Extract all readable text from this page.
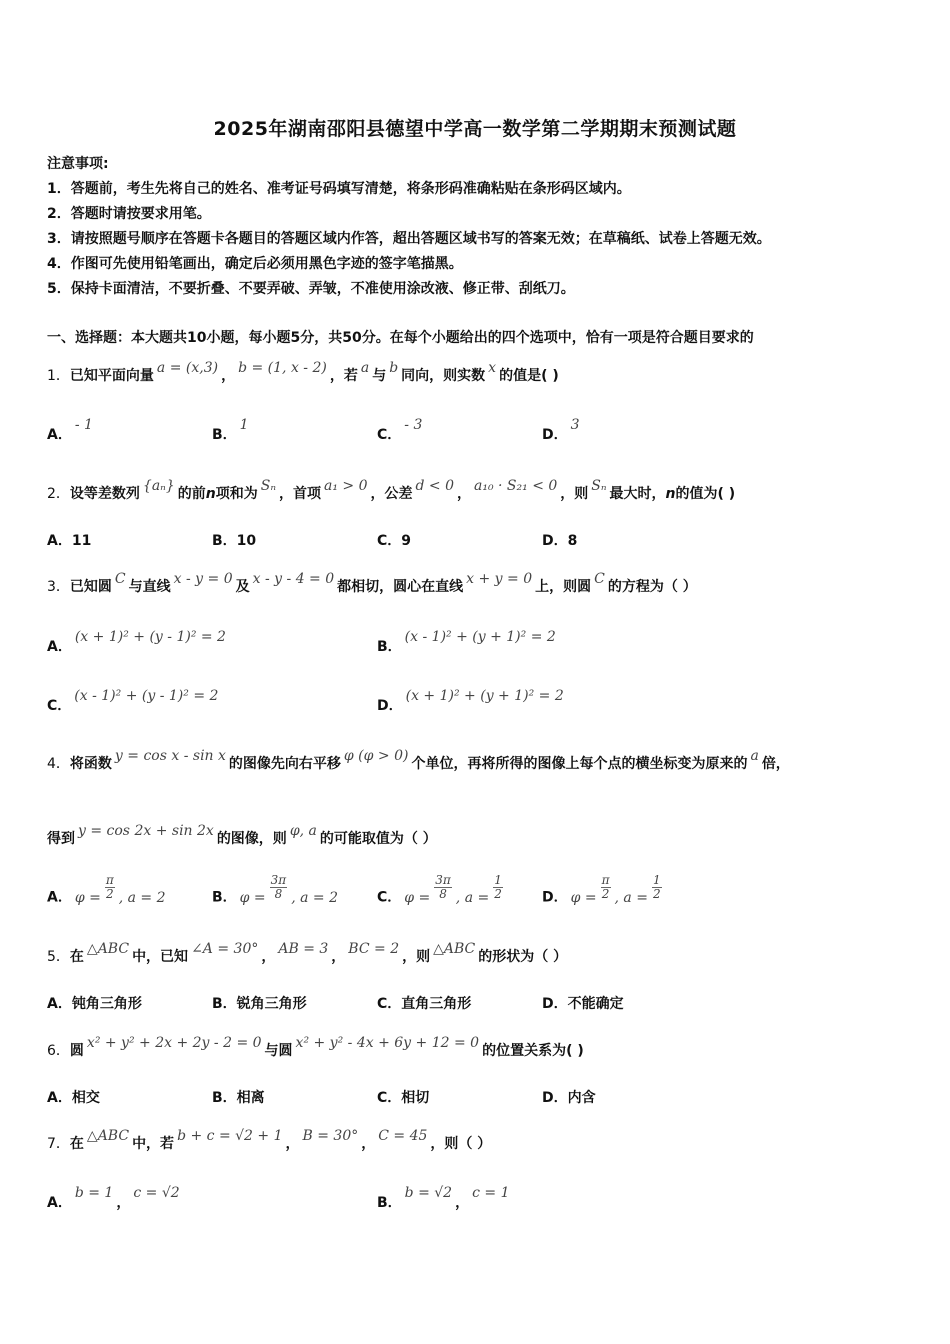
2025年湖南邵阳县德望中学高一数学第二学期期末预测试题
注意事项:
1．答题前，考生先将自己的姓名、准考证号码填写清楚，将条形码准确粘贴在条形码区域内。
2．答题时请按要求用笔。
3．请按照题号顺序在答题卡各题目的答题区域内作答，超出答题区域书写的答案无效；在草稿纸、试卷上答题无效。
4．作图可先使用铅笔画出，确定后必须用黑色字迹的签字笔描黑。
5．保持卡面清洁，不要折叠、不要弄破、弄皱，不准使用涂改液、修正带、刮纸刀。
一、选择题：本大题共10小题，每小题5分，共50分。在每个小题给出的四个选项中，恰有一项是符合题目要求的
1．已知平面向量 a = (x,3) ， b = (1, x - 2) ，若 a 与 b 同向，则实数 x 的值是( )
A．- 1
B．1
C．- 3
D．3
2．设等差数列 {aₙ} 的前n项和为 Sₙ ，首项 a₁ > 0 ，公差 d < 0 ， a₁₀ · S₂₁ < 0 ，则 Sₙ 最大时，n的值为( )
A．11	B．10	C．9	D．8
3．已知圆 C 与直线 x - y = 0 及 x - y - 4 = 0 都相切，圆心在直线 x + y = 0 上，则圆 C 的方程为（ ）
A．(x + 1)² + (y - 1)² = 2
B．(x - 1)² + (y + 1)² = 2
C．(x - 1)² + (y - 1)² = 2
D．(x + 1)² + (y + 1)² = 2
4．将函数 y = cos x - sin x 的图像先向右平移 φ (φ > 0) 个单位，再将所得的图像上每个点的横坐标变为原来的 a 倍，
得到 y = cos 2x + sin 2x 的图像，则 φ, a 的可能取值为（ ）
A． $\varphi = \frac{\pi}{2}$ , a = 2	B． $\varphi = \frac{3\pi}{8}$ , a = 2	C． $\varphi = \frac{3\pi}{8}$ , $a = \frac{1}{2}$	D． $\varphi = \frac{\pi}{2}$ , $a = \frac{1}{2}$
5．在 △ABC 中，已知 ∠A = 30° ， AB = 3 ， BC = 2 ，则 △ABC 的形状为（ ）
A．钝角三角形	B．锐角三角形	C．直角三角形	D．不能确定
6．圆 x² + y² + 2x + 2y - 2 = 0 与圆 x² + y² - 4x + 6y + 12 = 0 的位置关系为( )
A．相交	B．相离	C．相切	D．内含
7．在 △ABC 中，若 b + c = √2 + 1 ， B = 30° ， C = 45 ，则（ ）
A．b = 1，c = √2
B．b = √2，c = 1
